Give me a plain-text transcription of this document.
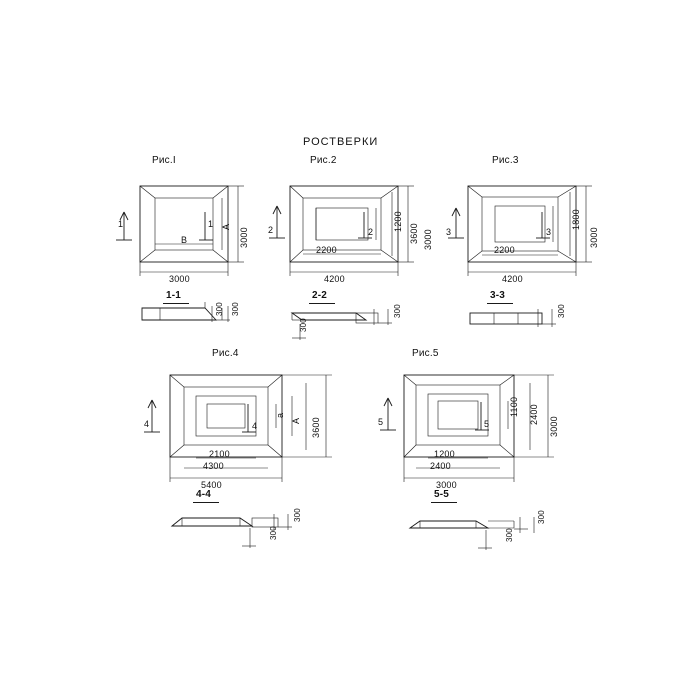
РОСТВЕРКИ
Рис.I
A
B	3000
3000
1	1
1-1
300
300
Рис.2
1200
3600 3000
2200
4200
2	2
2-2
300
300
Рис.3
1800
3000
2200
4200
3	3
3-3
300
Рис.4
a
A 3600
2100
4300
5400
4	4
4-4
300
300
Рис.5
1100 2400
3000
1200
2400
3000
5	5
5-5
300
300
